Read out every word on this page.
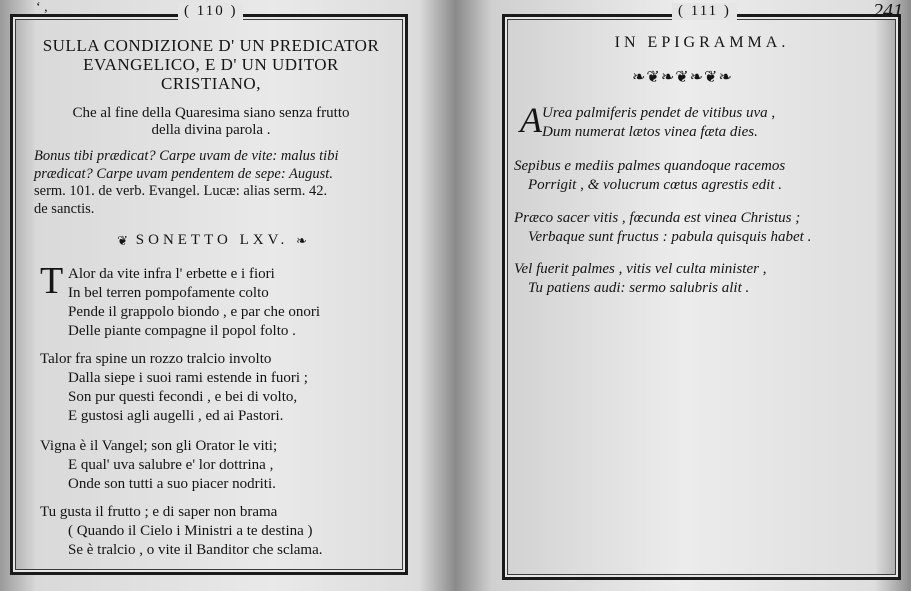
‘ ,	( 110 )
SULLA CONDIZIONE D' UN PREDICATOR
EVANGELICO, E D' UN UDITOR
CRISTIANO,
Che al fine della Quaresima siano senza frutto
della divina parola .
Bonus tibi prædicat? Carpe uvam de vite: malus tibi
prædicat? Carpe uvam pendentem de sepe: August.
serm. 101. de verb. Evangel. Lucæ: alias serm. 42.
de sanctis.
❦ SONETTO LXV. ❧
T Alor da vite infra l' erbette e i fiori
In bel terren pompofamente colto
Pende il grappolo biondo , e par che onori
Delle piante compagne il popol folto .
Talor fra spine un rozzo tralcio involto
Dalla siepe i suoi rami estende in fuori ;
Son pur questi fecondi , e bei di volto,
E gustosi agli augelli , ed ai Pastori.
Vigna è il Vangel; son gli Orator le viti;
E qual' uva salubre e' lor dottrina ,
Onde son tutti a suo piacer nodriti.
Tu gusta il frutto ; e di saper non brama
( Quando il Cielo i Ministri a te destina )
Se è tralcio , o vite il Banditor che sclama.
( 111 )	241
IN EPIGRAMMA.
❧❦❧❦❧❦❧
A Urea palmiferis pendet de vitibus uva ,
Dum numerat lætos vinea fæta dies.
Sepibus e mediis palmes quandoque racemos
Porrigit , & volucrum cœtus agrestis edit .
Præco sacer vitis , fœcunda est vinea Christus ;
Verbaque sunt fructus : pabula quisquis habet .
Vel fuerit palmes , vitis vel culta minister ,
Tu patiens audi: sermo salubris alit .
